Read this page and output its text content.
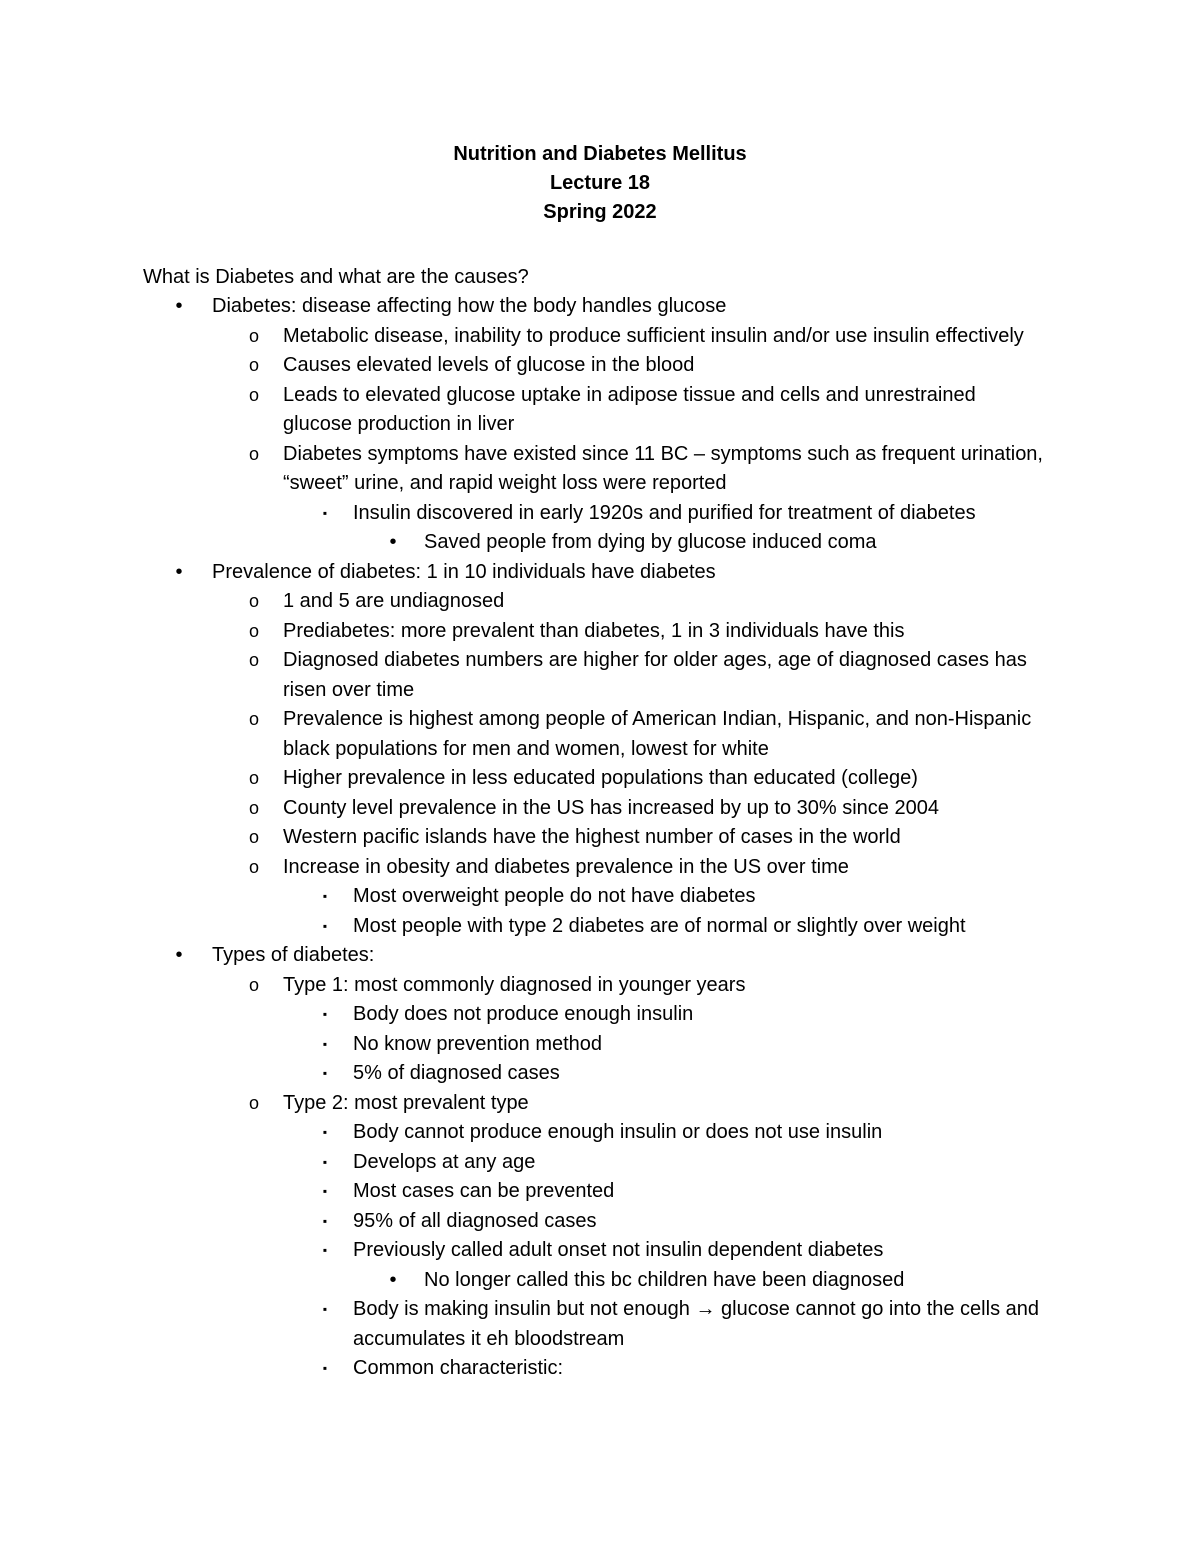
Nutrition and Diabetes Mellitus
Lecture 18
Spring 2022
What is Diabetes and what are the causes?
•	Diabetes: disease affecting how the body handles glucose
o	Metabolic disease, inability to produce sufficient insulin and/or use insulin effectively
o	Causes elevated levels of glucose in the blood
o	Leads to elevated glucose uptake in adipose tissue and cells and unrestrained glucose production in liver
o	Diabetes symptoms have existed since 11 BC – symptoms such as frequent urination, “sweet” urine, and rapid weight loss were reported
▪	Insulin discovered in early 1920s and purified for treatment of diabetes
•	Saved people from dying by glucose induced coma
•	Prevalence of diabetes: 1 in 10 individuals have diabetes
o	1 and 5 are undiagnosed
o	Prediabetes: more prevalent than diabetes, 1 in 3 individuals have this
o	Diagnosed diabetes numbers are higher for older ages, age of diagnosed cases has risen over time
o	Prevalence is highest among people of American Indian, Hispanic, and non-Hispanic black populations for men and women, lowest for white
o	Higher prevalence in less educated populations than educated (college)
o	County level prevalence in the US has increased by up to 30% since 2004
o	Western pacific islands have the highest number of cases in the world
o	Increase in obesity and diabetes prevalence in the US over time
▪	Most overweight people do not have diabetes
▪	Most people with type 2 diabetes are of normal or slightly over weight
•	Types of diabetes:
o	Type 1: most commonly diagnosed in younger years
▪	Body does not produce enough insulin
▪	No know prevention method
▪	5% of diagnosed cases
o	Type 2: most prevalent type
▪	Body cannot produce enough insulin or does not use insulin
▪	Develops at any age
▪	Most cases can be prevented
▪	95% of all diagnosed cases
▪	Previously called adult onset not insulin dependent diabetes
•	No longer called this bc children have been diagnosed
▪	Body is making insulin but not enough → glucose cannot go into the cells and accumulates it eh bloodstream
▪	Common characteristic:
